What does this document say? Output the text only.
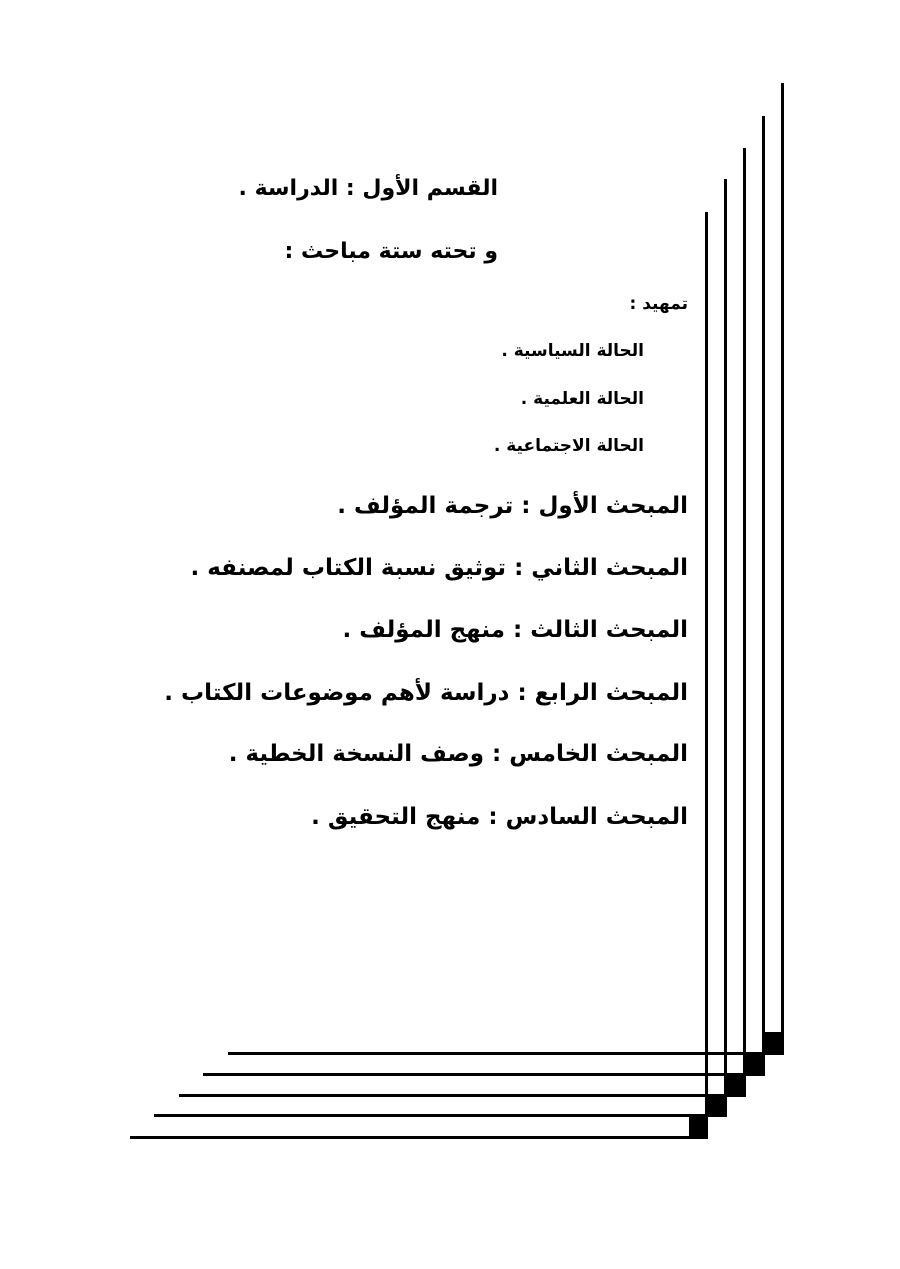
القسم الأول : الدراسة .
و تحته ستة مباحث :
تمهيد :
الحالة السياسية .
الحالة العلمية .
الحالة الاجتماعية .
المبحث الأول : ترجمة المؤلف .
المبحث الثاني : توثيق نسبة الكتاب لمصنفه .
المبحث الثالث : منهج المؤلف .
المبحث الرابع : دراسة لأهم موضوعات الكتاب .
المبحث الخامس : وصف النسخة الخطية .
المبحث السادس : منهج التحقيق .
